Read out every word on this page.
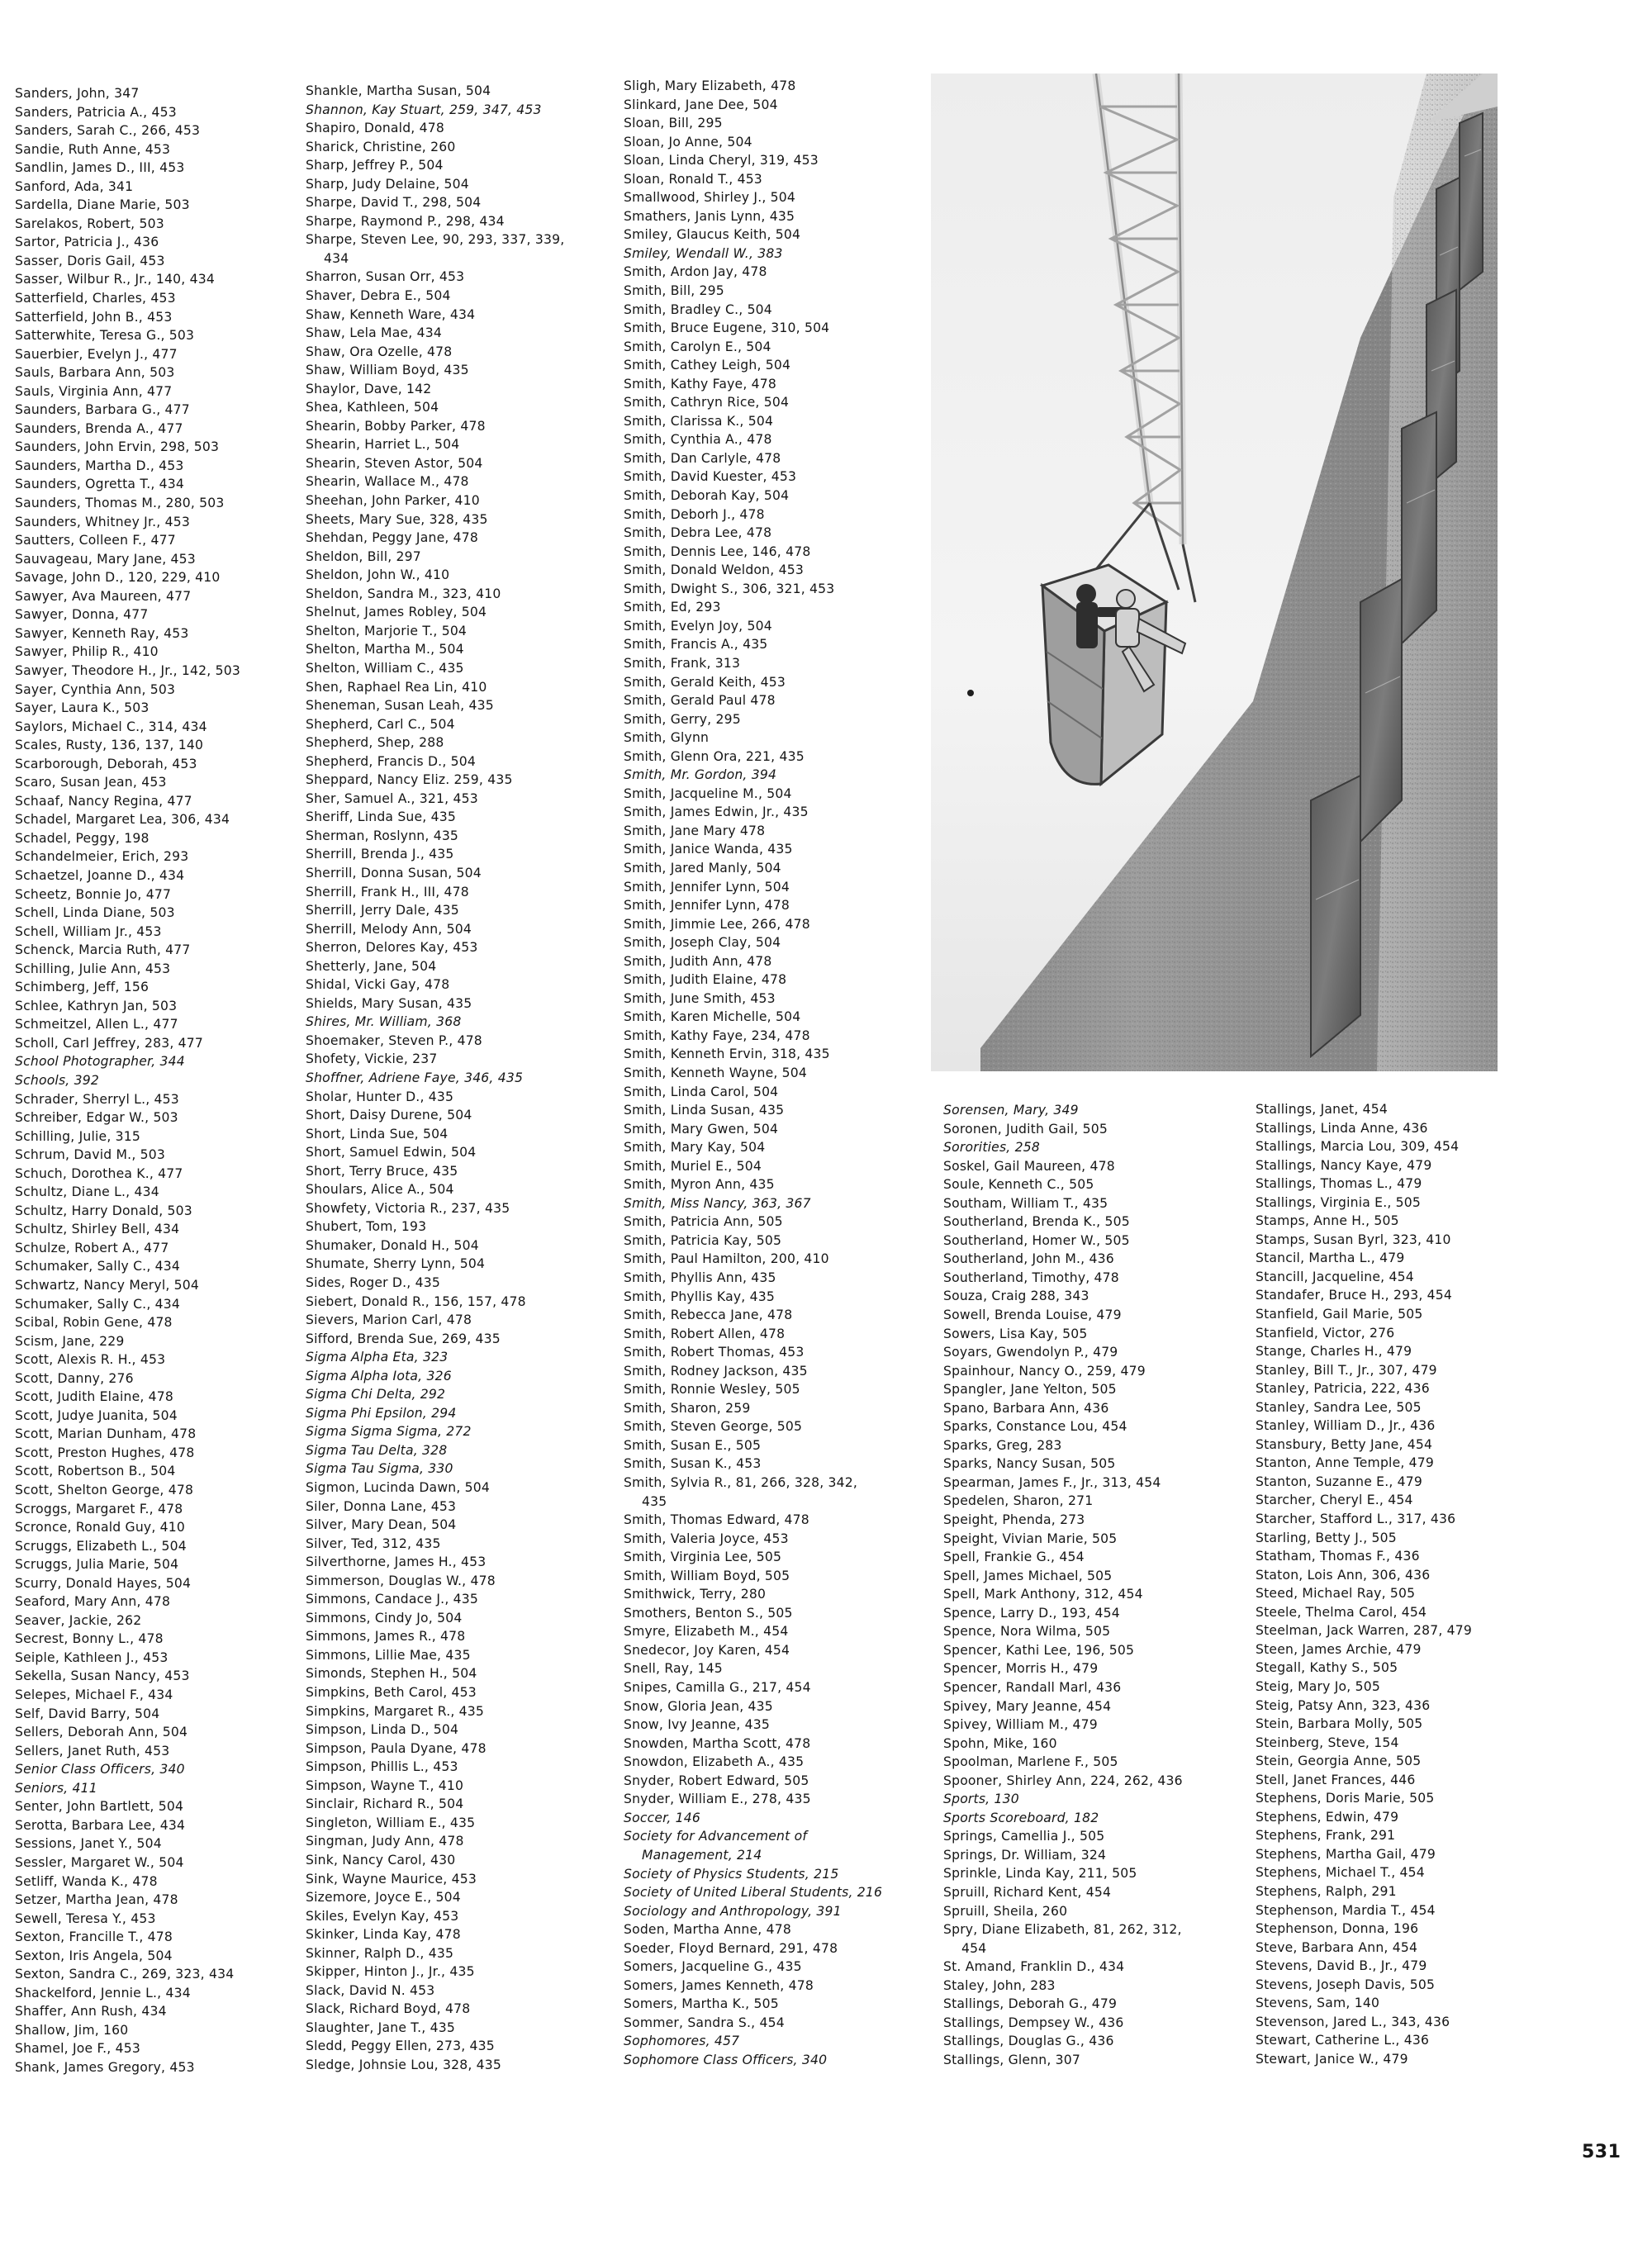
Sanders, John, 347
Sanders, Patricia A., 453
Sanders, Sarah C., 266, 453
Sandie, Ruth Anne, 453
Sandlin, James D., III, 453
Sanford, Ada, 341
Sardella, Diane Marie, 503
Sarelakos, Robert, 503
Sartor, Patricia J., 436
Sasser, Doris Gail, 453
Sasser, Wilbur R., Jr., 140, 434
Satterfield, Charles, 453
Satterfield, John B., 453
Satterwhite, Teresa G., 503
Sauerbier, Evelyn J., 477
Sauls, Barbara Ann, 503
Sauls, Virginia Ann, 477
Saunders, Barbara G., 477
Saunders, Brenda A., 477
Saunders, John Ervin, 298, 503
Saunders, Martha D., 453
Saunders, Ogretta T., 434
Saunders, Thomas M., 280, 503
Saunders, Whitney Jr., 453
Sautters, Colleen F., 477
Sauvageau, Mary Jane, 453
Savage, John D., 120, 229, 410
Sawyer, Ava Maureen, 477
Sawyer, Donna, 477
Sawyer, Kenneth Ray, 453
Sawyer, Philip R., 410
Sawyer, Theodore H., Jr., 142, 503
Sayer, Cynthia Ann, 503
Sayer, Laura K., 503
Saylors, Michael C., 314, 434
Scales, Rusty, 136, 137, 140
Scarborough, Deborah, 453
Scaro, Susan Jean, 453
Schaaf, Nancy Regina, 477
Schadel, Margaret Lea, 306, 434
Schadel, Peggy, 198
Schandelmeier, Erich, 293
Schaetzel, Joanne D., 434
Scheetz, Bonnie Jo, 477
Schell, Linda Diane, 503
Schell, William Jr., 453
Schenck, Marcia Ruth, 477
Schilling, Julie Ann, 453
Schimberg, Jeff, 156
Schlee, Kathryn Jan, 503
Schmeitzel, Allen L., 477
Scholl, Carl Jeffrey, 283, 477
School Photographer, 344
Schools, 392
Schrader, Sherryl L., 453
Schreiber, Edgar W., 503
Schilling, Julie, 315
Schrum, David M., 503
Schuch, Dorothea K., 477
Schultz, Diane L., 434
Schultz, Harry Donald, 503
Schultz, Shirley Bell, 434
Schulze, Robert A., 477
Schumaker, Sally C., 434
Schwartz, Nancy Meryl, 504
Schumaker, Sally C., 434
Scibal, Robin Gene, 478
Scism, Jane, 229
Scott, Alexis R. H., 453
Scott, Danny, 276
Scott, Judith Elaine, 478
Scott, Judye Juanita, 504
Scott, Marian Dunham, 478
Scott, Preston Hughes, 478
Scott, Robertson B., 504
Scott, Shelton George, 478
Scroggs, Margaret F., 478
Scronce, Ronald Guy, 410
Scruggs, Elizabeth L., 504
Scruggs, Julia Marie, 504
Scurry, Donald Hayes, 504
Seaford, Mary Ann, 478
Seaver, Jackie, 262
Secrest, Bonny L., 478
Seiple, Kathleen J., 453
Sekella, Susan Nancy, 453
Selepes, Michael F., 434
Self, David Barry, 504
Sellers, Deborah Ann, 504
Sellers, Janet Ruth, 453
Senior Class Officers, 340
Seniors, 411
Senter, John Bartlett, 504
Serotta, Barbara Lee, 434
Sessions, Janet Y., 504
Sessler, Margaret W., 504
Setliff, Wanda K., 478
Setzer, Martha Jean, 478
Sewell, Teresa Y., 453
Sexton, Francille T., 478
Sexton, Iris Angela, 504
Sexton, Sandra C., 269, 323, 434
Shackelford, Jennie L., 434
Shaffer, Ann Rush, 434
Shallow, Jim, 160
Shamel, Joe F., 453
Shank, James Gregory, 453
Shankle, Martha Susan, 504
Shannon, Kay Stuart, 259, 347, 453
Shapiro, Donald, 478
Sharick, Christine, 260
Sharp, Jeffrey P., 504
Sharp, Judy Delaine, 504
Sharpe, David T., 298, 504
Sharpe, Raymond P., 298, 434
Sharpe, Steven Lee, 90, 293, 337, 339,
434
Sharron, Susan Orr, 453
Shaver, Debra E., 504
Shaw, Kenneth Ware, 434
Shaw, Lela Mae, 434
Shaw, Ora Ozelle, 478
Shaw, William Boyd, 435
Shaylor, Dave, 142
Shea, Kathleen, 504
Shearin, Bobby Parker, 478
Shearin, Harriet L., 504
Shearin, Steven Astor, 504
Shearin, Wallace M., 478
Sheehan, John Parker, 410
Sheets, Mary Sue, 328, 435
Shehdan, Peggy Jane, 478
Sheldon, Bill, 297
Sheldon, John W., 410
Sheldon, Sandra M., 323, 410
Shelnut, James Robley, 504
Shelton, Marjorie T., 504
Shelton, Martha M., 504
Shelton, William C., 435
Shen, Raphael Rea Lin, 410
Sheneman, Susan Leah, 435
Shepherd, Carl C., 504
Shepherd, Shep, 288
Shepherd, Francis D., 504
Sheppard, Nancy Eliz. 259, 435
Sher, Samuel A., 321, 453
Sheriff, Linda Sue, 435
Sherman, Roslynn, 435
Sherrill, Brenda J., 435
Sherrill, Donna Susan, 504
Sherrill, Frank H., III, 478
Sherrill, Jerry Dale, 435
Sherrill, Melody Ann, 504
Sherron, Delores Kay, 453
Shetterly, Jane, 504
Shidal, Vicki Gay, 478
Shields, Mary Susan, 435
Shires, Mr. William, 368
Shoemaker, Steven P., 478
Shofety, Vickie, 237
Shoffner, Adriene Faye, 346, 435
Sholar, Hunter D., 435
Short, Daisy Durene, 504
Short, Linda Sue, 504
Short, Samuel Edwin, 504
Short, Terry Bruce, 435
Shoulars, Alice A., 504
Showfety, Victoria R., 237, 435
Shubert, Tom, 193
Shumaker, Donald H., 504
Shumate, Sherry Lynn, 504
Sides, Roger D., 435
Siebert, Donald R., 156, 157, 478
Sievers, Marion Carl, 478
Sifford, Brenda Sue, 269, 435
Sigma Alpha Eta, 323
Sigma Alpha Iota, 326
Sigma Chi Delta, 292
Sigma Phi Epsilon, 294
Sigma Sigma Sigma, 272
Sigma Tau Delta, 328
Sigma Tau Sigma, 330
Sigmon, Lucinda Dawn, 504
Siler, Donna Lane, 453
Silver, Mary Dean, 504
Silver, Ted, 312, 435
Silverthorne, James H., 453
Simmerson, Douglas W., 478
Simmons, Candace J., 435
Simmons, Cindy Jo, 504
Simmons, James R., 478
Simmons, Lillie Mae, 435
Simonds, Stephen H., 504
Simpkins, Beth Carol, 453
Simpkins, Margaret R., 435
Simpson, Linda D., 504
Simpson, Paula Dyane, 478
Simpson, Phillis L., 453
Simpson, Wayne T., 410
Sinclair, Richard R., 504
Singleton, William E., 435
Singman, Judy Ann, 478
Sink, Nancy Carol, 430
Sink, Wayne Maurice, 453
Sizemore, Joyce E., 504
Skiles, Evelyn Kay, 453
Skinker, Linda Kay, 478
Skinner, Ralph D., 435
Skipper, Hinton J., Jr., 435
Slack, David N. 453
Slack, Richard Boyd, 478
Slaughter, Jane T., 435
Sledd, Peggy Ellen, 273, 435
Sledge, Johnsie Lou, 328, 435
Sligh, Mary Elizabeth, 478
Slinkard, Jane Dee, 504
Sloan, Bill, 295
Sloan, Jo Anne, 504
Sloan, Linda Cheryl, 319, 453
Sloan, Ronald T., 453
Smallwood, Shirley J., 504
Smathers, Janis Lynn, 435
Smiley, Glaucus Keith, 504
Smiley, Wendall W., 383
Smith, Ardon Jay, 478
Smith, Bill, 295
Smith, Bradley C., 504
Smith, Bruce Eugene, 310, 504
Smith, Carolyn E., 504
Smith, Cathey Leigh, 504
Smith, Kathy Faye, 478
Smith, Cathryn Rice, 504
Smith, Clarissa K., 504
Smith, Cynthia A., 478
Smith, Dan Carlyle, 478
Smith, David Kuester, 453
Smith, Deborah Kay, 504
Smith, Deborh J., 478
Smith, Debra Lee, 478
Smith, Dennis Lee, 146, 478
Smith, Donald Weldon, 453
Smith, Dwight S., 306, 321, 453
Smith, Ed, 293
Smith, Evelyn Joy, 504
Smith, Francis A., 435
Smith, Frank, 313
Smith, Gerald Keith, 453
Smith, Gerald Paul 478
Smith, Gerry, 295
Smith, Glynn
Smith, Glenn Ora, 221, 435
Smith, Mr. Gordon, 394
Smith, Jacqueline M., 504
Smith, James Edwin, Jr., 435
Smith, Jane Mary 478
Smith, Janice Wanda, 435
Smith, Jared Manly, 504
Smith, Jennifer Lynn, 504
Smith, Jennifer Lynn, 478
Smith, Jimmie Lee, 266, 478
Smith, Joseph Clay, 504
Smith, Judith Ann, 478
Smith, Judith Elaine, 478
Smith, June Smith, 453
Smith, Karen Michelle, 504
Smith, Kathy Faye, 234, 478
Smith, Kenneth Ervin, 318, 435
Smith, Kenneth Wayne, 504
Smith, Linda Carol, 504
Smith, Linda Susan, 435
Smith, Mary Gwen, 504
Smith, Mary Kay, 504
Smith, Muriel E., 504
Smith, Myron Ann, 435
Smith, Miss Nancy, 363, 367
Smith, Patricia Ann, 505
Smith, Patricia Kay, 505
Smith, Paul Hamilton, 200, 410
Smith, Phyllis Ann, 435
Smith, Phyllis Kay, 435
Smith, Rebecca Jane, 478
Smith, Robert Allen, 478
Smith, Robert Thomas, 453
Smith, Rodney Jackson, 435
Smith, Ronnie Wesley, 505
Smith, Sharon, 259
Smith, Steven George, 505
Smith, Susan E., 505
Smith, Susan K., 453
Smith, Sylvia R., 81, 266, 328, 342,
435
Smith, Thomas Edward, 478
Smith, Valeria Joyce, 453
Smith, Virginia Lee, 505
Smith, William Boyd, 505
Smithwick, Terry, 280
Smothers, Benton S., 505
Smyre, Elizabeth M., 454
Snedecor, Joy Karen, 454
Snell, Ray, 145
Snipes, Camilla G., 217, 454
Snow, Gloria Jean, 435
Snow, Ivy Jeanne, 435
Snowden, Martha Scott, 478
Snowdon, Elizabeth A., 435
Snyder, Robert Edward, 505
Snyder, William E., 278, 435
Soccer, 146
Society for Advancement of
Management, 214
Society of Physics Students, 215
Society of United Liberal Students, 216
Sociology and Anthropology, 391
Soden, Martha Anne, 478
Soeder, Floyd Bernard, 291, 478
Somers, Jacqueline G., 435
Somers, James Kenneth, 478
Somers, Martha K., 505
Sommer, Sandra S., 454
Sophomores, 457
Sophomore Class Officers, 340
Sorensen, Mary, 349
Soronen, Judith Gail, 505
Sororities, 258
Soskel, Gail Maureen, 478
Soule, Kenneth C., 505
Southam, William T., 435
Southerland, Brenda K., 505
Southerland, Homer W., 505
Southerland, John M., 436
Southerland, Timothy, 478
Souza, Craig 288, 343
Sowell, Brenda Louise, 479
Sowers, Lisa Kay, 505
Soyars, Gwendolyn P., 479
Spainhour, Nancy O., 259, 479
Spangler, Jane Yelton, 505
Spano, Barbara Ann, 436
Sparks, Constance Lou, 454
Sparks, Greg, 283
Sparks, Nancy Susan, 505
Spearman, James F., Jr., 313, 454
Spedelen, Sharon, 271
Speight, Phenda, 273
Speight, Vivian Marie, 505
Spell, Frankie G., 454
Spell, James Michael, 505
Spell, Mark Anthony, 312, 454
Spence, Larry D., 193, 454
Spence, Nora Wilma, 505
Spencer, Kathi Lee, 196, 505
Spencer, Morris H., 479
Spencer, Randall Marl, 436
Spivey, Mary Jeanne, 454
Spivey, William M., 479
Spohn, Mike, 160
Spoolman, Marlene F., 505
Spooner, Shirley Ann, 224, 262, 436
Sports, 130
Sports Scoreboard, 182
Springs, Camellia J., 505
Springs, Dr. William, 324
Sprinkle, Linda Kay, 211, 505
Spruill, Richard Kent, 454
Spruill, Sheila, 260
Spry, Diane Elizabeth, 81, 262, 312,
454
St. Amand, Franklin D., 434
Staley, John, 283
Stallings, Deborah G., 479
Stallings, Dempsey W., 436
Stallings, Douglas G., 436
Stallings, Glenn, 307
Stallings, Janet, 454
Stallings, Linda Anne, 436
Stallings, Marcia Lou, 309, 454
Stallings, Nancy Kaye, 479
Stallings, Thomas L., 479
Stallings, Virginia E., 505
Stamps, Anne H., 505
Stamps, Susan Byrl, 323, 410
Stancil, Martha L., 479
Stancill, Jacqueline, 454
Standafer, Bruce H., 293, 454
Stanfield, Gail Marie, 505
Stanfield, Victor, 276
Stange, Charles H., 479
Stanley, Bill T., Jr., 307, 479
Stanley, Patricia, 222, 436
Stanley, Sandra Lee, 505
Stanley, William D., Jr., 436
Stansbury, Betty Jane, 454
Stanton, Anne Temple, 479
Stanton, Suzanne E., 479
Starcher, Cheryl E., 454
Starcher, Stafford L., 317, 436
Starling, Betty J., 505
Statham, Thomas F., 436
Staton, Lois Ann, 306, 436
Steed, Michael Ray, 505
Steele, Thelma Carol, 454
Steelman, Jack Warren, 287, 479
Steen, James Archie, 479
Stegall, Kathy S., 505
Steig, Mary Jo, 505
Steig, Patsy Ann, 323, 436
Stein, Barbara Molly, 505
Steinberg, Steve, 154
Stein, Georgia Anne, 505
Stell, Janet Frances, 446
Stephens, Doris Marie, 505
Stephens, Edwin, 479
Stephens, Frank, 291
Stephens, Martha Gail, 479
Stephens, Michael T., 454
Stephens, Ralph, 291
Stephenson, Mardia T., 454
Stephenson, Donna, 196
Steve, Barbara Ann, 454
Stevens, David B., Jr., 479
Stevens, Joseph Davis, 505
Stevens, Sam, 140
Stevenson, Jared L., 343, 436
Stewart, Catherine L., 436
Stewart, Janice W., 479
531
